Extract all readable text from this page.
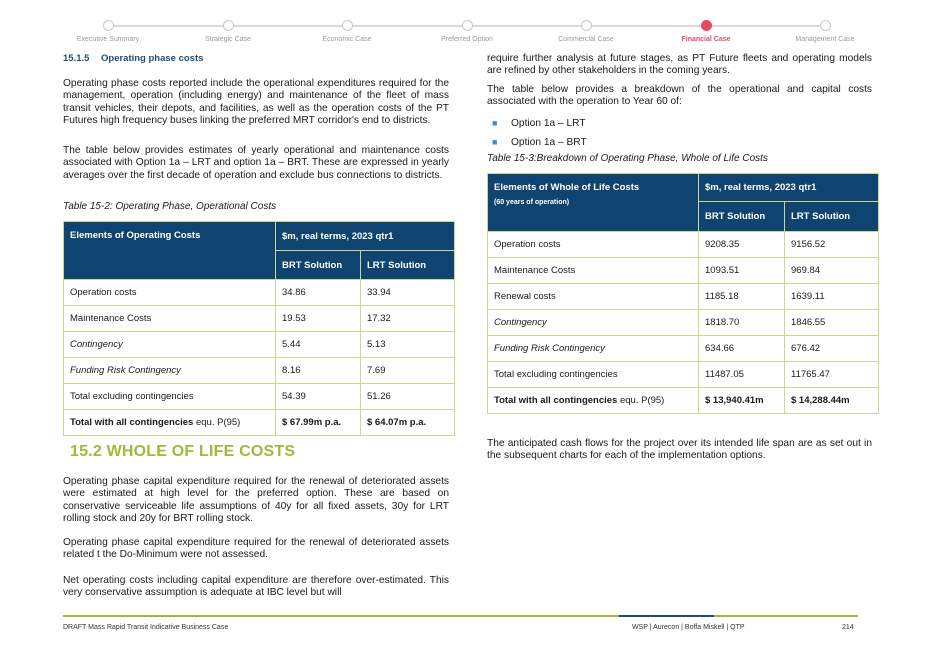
Executive Summary	Strategic Case	Economic Case	Preferred Option	Commercial Case	Financial Case	Management Case
15.1.5 Operating phase costs

Operating phase costs reported include the operational expenditures required for the management, operation (including energy) and maintenance of the fleet of mass transit vehicles, their depots, and facilities, as well as the operation costs of the PT Futures high frequency buses linking the preferred MRT corridor's end to districts.

The table below provides estimates of yearly operational and maintenance costs associated with Option 1a – LRT and option 1a – BRT. These are expressed in yearly averages over the first decade of operation and exclude bus connections to districts.

Table 15-2: Operating Phase, Operational Costs

Elements of Operating Costs	$m, real terms, 2023 qtr1	
	BRT Solution	LRT Solution
Operation costs	34.86	33.94
Maintenance Costs	19.53	17.32
Contingency	5.44	5.13
Funding Risk Contingency	8.16	7.69
Total excluding contingencies	54.39	51.26
Total with all contingencies equ. P(95)	$ 67.99m p.a.	$ 64.07m p.a.
15.2 WHOLE OF LIFE COSTS

Operating phase capital expenditure required for the renewal of deteriorated assets were estimated at high level for the preferred option. These are based on conservative serviceable life assumptions of 40y for all fixed assets, 30y for LRT rolling stock and 20y for BRT rolling stock.

Operating phase capital expenditure required for the renewal of deteriorated assets related t the Do-Minimum were not assessed.

Net operating costs including capital expenditure are therefore over-estimated. This very conservative assumption is adequate at IBC level but will

require further analysis at future stages, as PT Future fleets and operating models are refined by other stakeholders in the coming years.

The table below provides a breakdown of the operational and capital costs associated with the operation to Year 60 of:

■ Option 1a – LRT
■ Option 1a – BRT

Table 15-3:Breakdown of Operating Phase, Whole of Life Costs

Elements of Whole of Life Costs
(60 years of operation)	$m, real terms, 2023 qtr1	
	BRT Solution	LRT Solution
Operation costs	9208.35	9156.52
Maintenance Costs	1093.51	969.84
Renewal costs	1185.18	1639.11
Contingency	1818.70	1846.55
Funding Risk Contingency	634.66	676.42
Total excluding contingencies	11487.05	11765.47
Total with all contingencies equ. P(95)	$ 13,940.41m	$ 14,288.44m

The anticipated cash flows for the project over its intended life span are as set out in the subsequent charts for each of the implementation options.

DRAFT Mass Rapid Transit Indicative Business Case	WSP | Aurecon | Boffa Miskell | QTP	214
